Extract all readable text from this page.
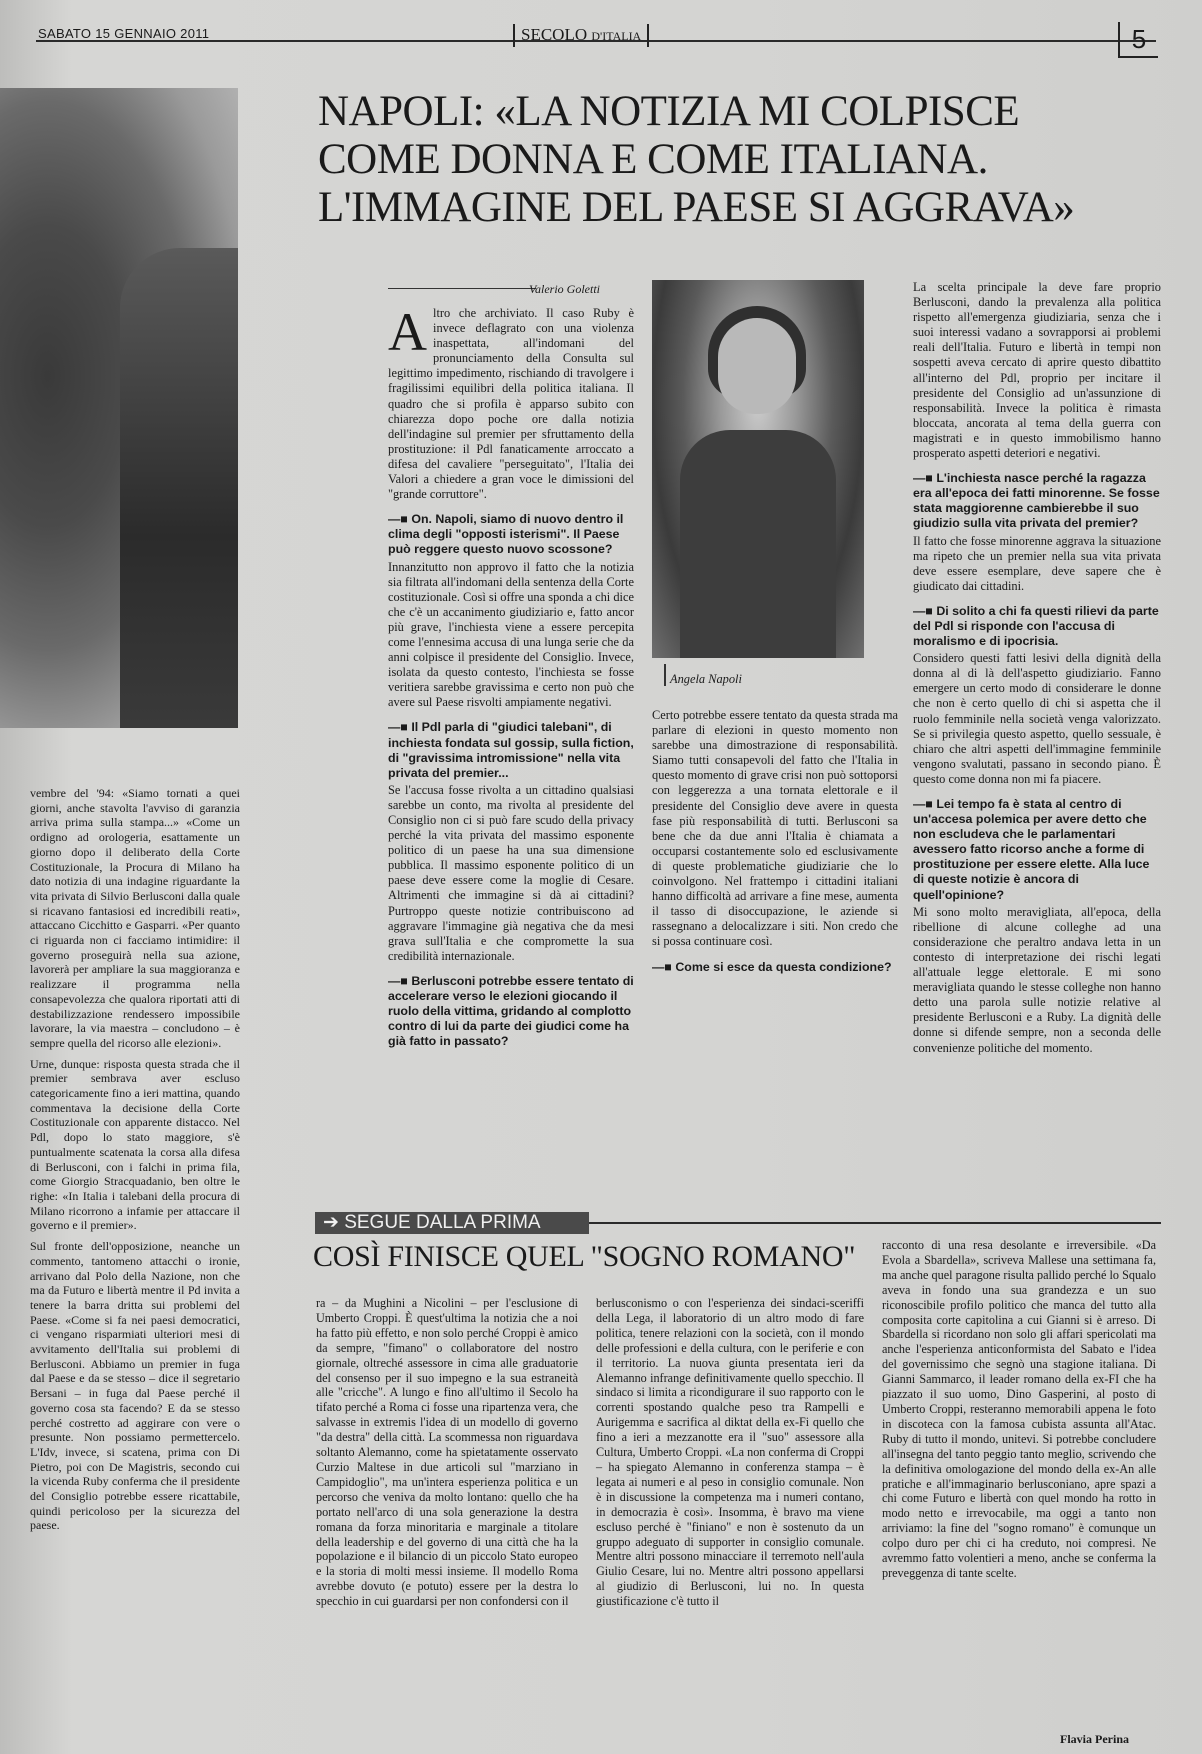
SABATO 15 GENNAIO 2011	SECOLO D'ITALIA	5
NAPOLI: «LA NOTIZIA MI COLPISCE COME DONNA E COME ITALIANA. L'IMMAGINE DEL PAESE SI AGGRAVA»
Valerio Goletti

vembre del '94: «Siamo tornati a quei giorni, anche stavolta l'avviso di garanzia arriva prima sulla stampa...» «Come un ordigno ad orologeria, esattamente un giorno dopo il deliberato della Corte Costituzionale, la Procura di Milano ha dato notizia di una indagine riguardante la vita privata di Silvio Berlusconi dalla quale si ricavano fantasiosi ed incredibili reati», attaccano Cicchitto e Gasparri. «Per quanto ci riguarda non ci facciamo intimidire: il governo proseguirà nella sua azione, lavorerà per ampliare la sua maggioranza e realizzare il programma nella consapevolezza che qualora riportati atti di destabilizzazione rendessero impossibile lavorare, la via maestra – concludono – è sempre quella del ricorso alle elezioni».

Urne, dunque: risposta questa strada che il premier sembrava aver escluso categoricamente fino a ieri mattina, quando commentava la decisione della Corte Costituzionale con apparente distacco. Nel Pdl, dopo lo stato maggiore, s'è puntualmente scatenata la corsa alla difesa di Berlusconi, con i falchi in prima fila, come Giorgio Stracquadanio, ben oltre le righe: «In Italia i talebani della procura di Milano ricorrono a infamie per attaccare il governo e il premier».

Sul fronte dell'opposizione, neanche un commento, tantomeno attacchi o ironie, arrivano dal Polo della Nazione, non che ma da Futuro e libertà mentre il Pd invita a tenere la barra dritta sui problemi del Paese. «Come si fa nei paesi democratici, ci vengano risparmiati ulteriori mesi di avvitamento dell'Italia sui problemi di Berlusconi. Abbiamo un premier in fuga dal Paese e da se stesso – dice il segretario Bersani – in fuga dal Paese perché il governo cosa sta facendo? E da se stesso perché costretto ad aggirare con vere o presunte. Non possiamo permettercelo. L'Idv, invece, si scatena, prima con Di Pietro, poi con De Magistris, secondo cui la vicenda Ruby conferma che il presidente del Consiglio potrebbe essere ricattabile, quindi pericoloso per la sicurezza del paese.

Altro che archiviato. Il caso Ruby è invece deflagrato con una violenza inaspettata, all'indomani del pronunciamento della Consulta sul legittimo impedimento, rischiando di travolgere i fragilissimi equilibri della politica italiana. Il quadro che si profila è apparso subito con chiarezza dopo poche ore dalla notizia dell'indagine sul premier per sfruttamento della prostituzione: il Pdl fanaticamente arroccato a difesa del cavaliere "perseguitato", l'Italia dei Valori a chiedere a gran voce le dimissioni del "grande corruttore".

—■ On. Napoli, siamo di nuovo dentro il clima degli "opposti isterismi". Il Paese può reggere questo nuovo scossone?

Innanzitutto non approvo il fatto che la notizia sia filtrata all'indomani della sentenza della Corte costituzionale. Così si offre una sponda a chi dice che c'è un accanimento giudiziario e, fatto ancor più grave, l'inchiesta viene a essere percepita come l'ennesima accusa di una lunga serie che da anni colpisce il presidente del Consiglio. Invece, isolata da questo contesto, l'inchiesta se fosse veritiera sarebbe gravissima e certo non può che avere sul Paese risvolti ampiamente negativi.

—■ Il Pdl parla di "giudici talebani", di inchiesta fondata sul gossip, sulla fiction, di "gravissima intromissione" nella vita privata del premier...

Se l'accusa fosse rivolta a un cittadino qualsiasi sarebbe un conto, ma rivolta al presidente del Consiglio non ci si può fare scudo della privacy perché la vita privata del massimo esponente politico di un paese ha una sua dimensione pubblica. Il massimo esponente politico di un paese deve essere come la moglie di Cesare. Altrimenti che immagine si dà ai cittadini? Purtroppo queste notizie contribuiscono ad aggravare l'immagine già negativa che da mesi grava sull'Italia e che compromette la sua credibilità internazionale.

—■ Berlusconi potrebbe essere tentato di accelerare verso le elezioni giocando il ruolo della vittima, gridando al complotto contro di lui da parte dei giudici come ha già fatto in passato?
Angela Napoli

Certo potrebbe essere tentato da questa strada ma parlare di elezioni in questo momento non sarebbe una dimostrazione di responsabilità. Siamo tutti consapevoli del fatto che l'Italia in questo momento di grave crisi non può sottoporsi con leggerezza a una tornata elettorale e il presidente del Consiglio deve avere in questa fase più responsabilità di tutti. Berlusconi sa bene che da due anni l'Italia è chiamata a occuparsi costantemente solo ed esclusivamente di queste problematiche giudiziarie che lo coinvolgono. Nel frattempo i cittadini italiani hanno difficoltà ad arrivare a fine mese, aumenta il tasso di disoccupazione, le aziende si rassegnano a delocalizzare i siti. Non credo che si possa continuare così.

—■ Come si esce da questa condizione?

La scelta principale la deve fare proprio Berlusconi, dando la prevalenza alla politica rispetto all'emergenza giudiziaria, senza che i suoi interessi vadano a sovrapporsi ai problemi reali dell'Italia. Futuro e libertà in tempi non sospetti aveva cercato di aprire questo dibattito all'interno del Pdl, proprio per incitare il presidente del Consiglio ad un'assunzione di responsabilità. Invece la politica è rimasta bloccata, ancorata al tema della guerra con magistrati e in questo immobilismo hanno prosperato aspetti deteriori e negativi.

—■ L'inchiesta nasce perché la ragazza era all'epoca dei fatti minorenne. Se fosse stata maggiorenne cambierebbe il suo giudizio sulla vita privata del premier?

Il fatto che fosse minorenne aggrava la situazione ma ripeto che un premier nella sua vita privata deve essere esemplare, deve sapere che è giudicato dai cittadini.

—■ Di solito a chi fa questi rilievi da parte del Pdl si risponde con l'accusa di moralismo e di ipocrisia.

Considero questi fatti lesivi della dignità della donna al di là dell'aspetto giudiziario. Fanno emergere un certo modo di considerare le donne che non è certo quello di chi si aspetta che il ruolo femminile nella società venga valorizzato. Se si privilegia questo aspetto, quello sessuale, è chiaro che altri aspetti dell'immagine femminile vengono svalutati, passano in secondo piano. È questo come donna non mi fa piacere.

—■ Lei tempo fa è stata al centro di un'accesa polemica per avere detto che non escludeva che le parlamentari avessero fatto ricorso anche a forme di prostituzione per essere elette. Alla luce di queste notizie è ancora di quell'opinione?

Mi sono molto meravigliata, all'epoca, della ribellione di alcune colleghe ad una considerazione che peraltro andava letta in un contesto di interpretazione dei rischi legati all'attuale legge elettorale. E mi sono meravigliata quando le stesse colleghe non hanno detto una parola sulle notizie relative al presidente Berlusconi e a Ruby. La dignità delle donne si difende sempre, non a seconda delle convenienze politiche del momento.

➔ SEGUE DALLA PRIMA
COSÌ FINISCE QUEL "SOGNO ROMANO"

ra – da Mughini a Nicolini – per l'esclusione di Umberto Croppi. È quest'ultima la notizia che a noi ha fatto più effetto, e non solo perché Croppi è amico da sempre, "fimano" o collaboratore del nostro giornale, oltreché assessore in cima alle graduatorie del consenso per il suo impegno e la sua estraneità alle "cricche". A lungo e fino all'ultimo il Secolo ha tifato perché a Roma ci fosse una ripartenza vera, che salvasse in extremis l'idea di un modello di governo "da destra" della città. La scommessa non riguardava soltanto Alemanno, come ha spietatamente osservato Curzio Maltese in due articoli sul "marziano in Campidoglio", ma un'intera esperienza politica e un percorso che veniva da molto lontano: quello che ha portato nell'arco di una sola generazione la destra romana da forza minoritaria e marginale a titolare della leadership e del governo di una città che ha la popolazione e il bilancio di un piccolo Stato europeo e la storia di molti messi insieme. Il modello Roma avrebbe dovuto (e potuto) essere per la destra lo specchio in cui guardarsi per non confondersi con il

berlusconismo o con l'esperienza dei sindaci-sceriffi della Lega, il laboratorio di un altro modo di fare politica, tenere relazioni con la società, con il mondo delle professioni e della cultura, con le periferie e con il territorio. La nuova giunta presentata ieri da Alemanno infrange definitivamente quello specchio. Il sindaco si limita a ricondigurare il suo rapporto con le correnti spostando qualche peso tra Rampelli e Aurigemma e sacrifica al diktat della ex-Fi quello che fino a ieri a mezzanotte era il "suo" assessore alla Cultura, Umberto Croppi. «La non conferma di Croppi – ha spiegato Alemanno in conferenza stampa – è legata ai numeri e al peso in consiglio comunale. Non è in discussione la competenza ma i numeri contano, in democrazia è così». Insomma, è bravo ma viene escluso perché è "finiano" e non è sostenuto da un gruppo adeguato di supporter in consiglio comunale. Mentre altri possono minacciare il terremoto nell'aula Giulio Cesare, lui no. Mentre altri possono appellarsi al giudizio di Berlusconi, lui no. In questa giustificazione c'è tutto il

racconto di una resa desolante e irreversibile. «Da Evola a Sbardella», scriveva Mallese una settimana fa, ma anche quel paragone risulta pallido perché lo Squalo aveva in fondo una sua grandezza e un suo riconoscibile profilo politico che manca del tutto alla composita corte capitolina a cui Gianni si è arreso. Di Sbardella si ricordano non solo gli affari spericolati ma anche l'esperienza anticonformista del Sabato e l'idea del governissimo che segnò una stagione italiana. Di Gianni Sammarco, il leader romano della ex-FI che ha piazzato il suo uomo, Dino Gasperini, al posto di Umberto Croppi, resteranno memorabili appena le foto in discoteca con la famosa cubista assunta all'Atac. Ruby di tutto il mondo, unitevi. Si potrebbe concludere all'insegna del tanto peggio tanto meglio, scrivendo che la definitiva omologazione del mondo della ex-An alle pratiche e all'immaginario berlusconiano, apre spazi a chi come Futuro e libertà con quel mondo ha rotto in modo netto e irrevocabile, ma oggi a tanto non arriviamo: la fine del "sogno romano" è comunque un colpo duro per chi ci ha creduto, noi compresi. Ne avremmo fatto volentieri a meno, anche se conferma la preveggenza di tante scelte.

Flavia Perina
